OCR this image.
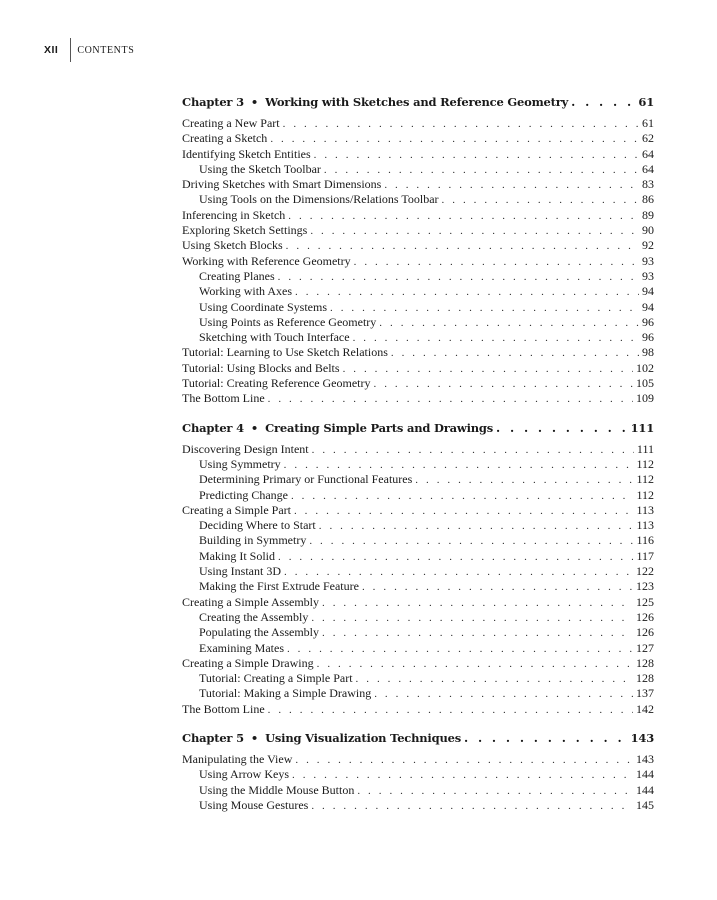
XII CONTENTS
Chapter 3 • Working with Sketches and Reference Geometry . . .	61
Creating a New Part . . .	61
Creating a Sketch . . .	62
Identifying Sketch Entities . . .	64
Using the Sketch Toolbar . . .	64
Driving Sketches with Smart Dimensions . . .	83
Using Tools on the Dimensions/Relations Toolbar . . .	86
Inferencing in Sketch . . .	89
Exploring Sketch Settings . . .	90
Using Sketch Blocks . . .	92
Working with Reference Geometry . . .	93
Creating Planes . . .	93
Working with Axes . . .	94
Using Coordinate Systems . . .	94
Using Points as Reference Geometry . . .	96
Sketching with Touch Interface . . .	96
Tutorial: Learning to Use Sketch Relations . . .	98
Tutorial: Using Blocks and Belts . . .	102
Tutorial: Creating Reference Geometry . . .	105
The Bottom Line . . .	109
Chapter 4 • Creating Simple Parts and Drawings . . .	111
Discovering Design Intent . . .	111
Using Symmetry . . .	112
Determining Primary or Functional Features . . .	112
Predicting Change . . .	112
Creating a Simple Part . . .	113
Deciding Where to Start . . .	113
Building in Symmetry . . .	116
Making It Solid . . .	117
Using Instant 3D . . .	122
Making the First Extrude Feature . . .	123
Creating a Simple Assembly . . .	125
Creating the Assembly . . .	126
Populating the Assembly . . .	126
Examining Mates . . .	127
Creating a Simple Drawing . . .	128
Tutorial: Creating a Simple Part . . .	128
Tutorial: Making a Simple Drawing . . .	137
The Bottom Line . . .	142
Chapter 5 • Using Visualization Techniques . . .	143
Manipulating the View . . .	143
Using Arrow Keys . . .	144
Using the Middle Mouse Button . . .	144
Using Mouse Gestures . . .	145
